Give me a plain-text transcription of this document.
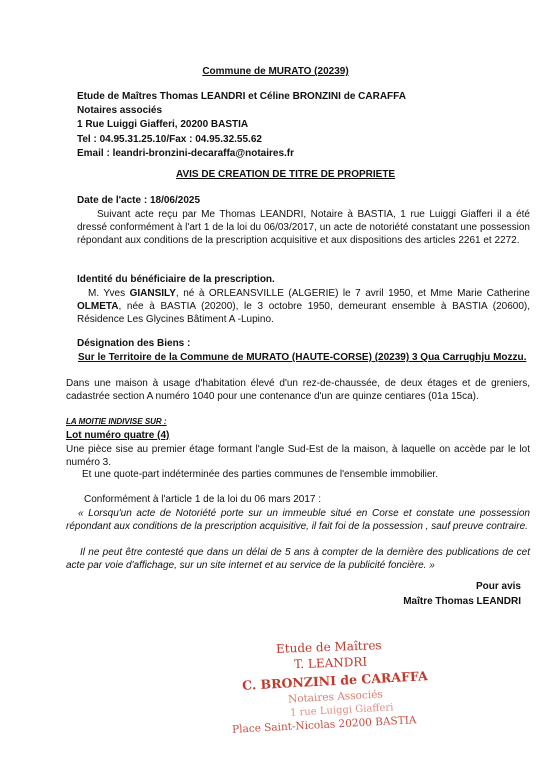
Commune de MURATO (20239)
Etude de Maîtres Thomas LEANDRI et Céline BRONZINI de CARAFFA
Notaires associés
1 Rue Luiggi Giafferi, 20200 BASTIA
Tel : 04.95.31.25.10/Fax : 04.95.32.55.62
Email : leandri-bronzini-decaraffa@notaires.fr
AVIS DE CREATION DE TITRE DE PROPRIETE
Date de l'acte : 18/06/2025
Suivant acte reçu par Me Thomas LEANDRI, Notaire à BASTIA, 1 rue Luiggi Giafferi il a été dressé conformément à l'art 1 de la loi du 06/03/2017, un acte de notoriété constatant une possession répondant aux conditions de la prescription acquisitive et aux dispositions des articles 2261 et 2272.
Identité du bénéficiaire de la prescription.
M. Yves GIANSILY, né à ORLEANSVILLE (ALGERIE) le 7 avril 1950, et Mme Marie Catherine OLMETA, née à BASTIA (20200), le 3 octobre 1950, demeurant ensemble à BASTIA (20600), Résidence Les Glycines Bâtiment A -Lupino.
Désignation des Biens :
Sur le Territoire de la Commune de MURATO (HAUTE-CORSE) (20239) 3 Qua Carrughju Mozzu.
Dans une maison à usage d'habitation élevé d'un rez-de-chaussée, de deux étages et de greniers, cadastrée section A numéro 1040 pour une contenance d'un are quinze centiares (01a 15ca).
LA MOITIE INDIVISE SUR :
Lot numéro quatre (4)
Une pièce sise au premier étage formant l'angle Sud-Est de la maison, à laquelle on accède par le lot numéro 3.
Et une quote-part indéterminée des parties communes de l'ensemble immobilier.
Conformément à l'article 1 de la loi du 06 mars 2017 :
« Lorsqu'un acte de Notoriété porte sur un immeuble situé en Corse et constate une possession répondant aux conditions de la prescription acquisitive, il fait foi de la possession , sauf preuve contraire.
Il ne peut être contesté que dans un délai de 5 ans à compter de la dernière des publications de cet acte par voie d'affichage, sur un site internet et au service de la publicité foncière. »
Pour avis
Maître Thomas LEANDRI
Etude de Maîtres
T. LEANDRI
C. BRONZINI de CARAFFA
Notaires Associés
1 rue Luiggi Giafferi
Place Saint-Nicolas 20200 BASTIA
